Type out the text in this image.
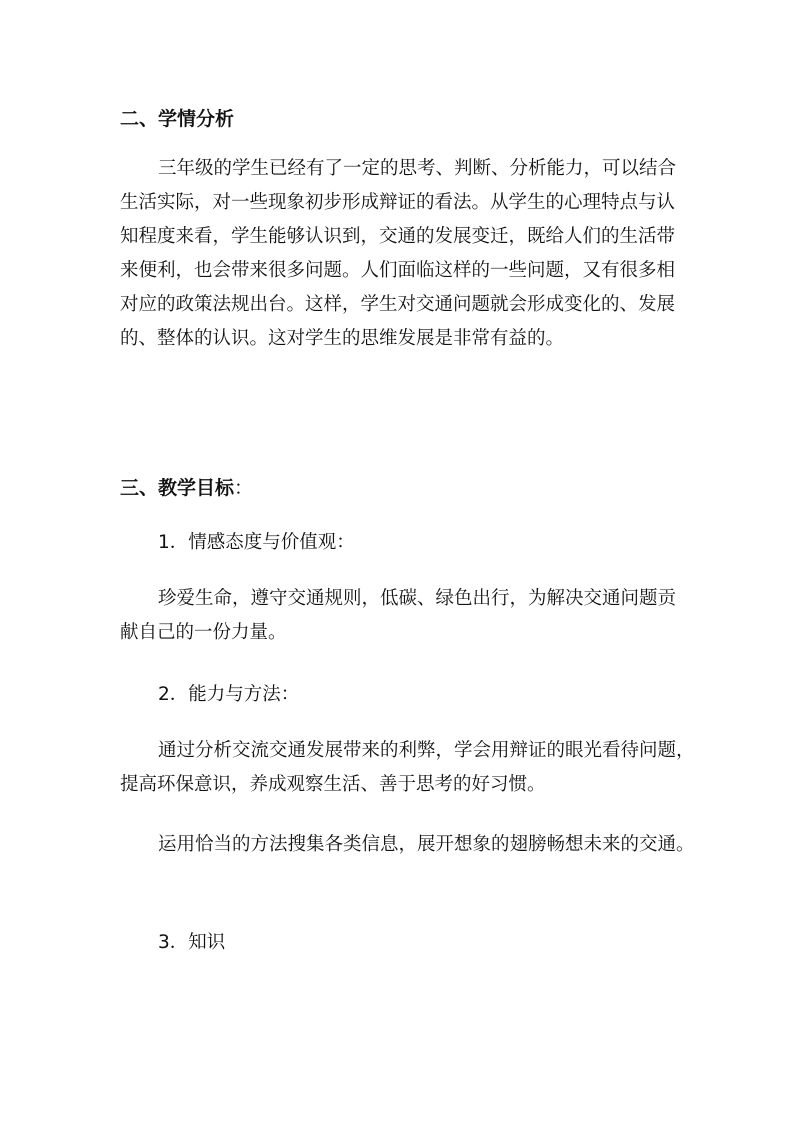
二、学情分析
三年级的学生已经有了一定的思考、判断、分析能力，可以结合
生活实际，对一些现象初步形成辩证的看法。从学生的心理特点与认
知程度来看，学生能够认识到，交通的发展变迁，既给人们的生活带
来便利，也会带来很多问题。人们面临这样的一些问题，又有很多相
对应的政策法规出台。这样，学生对交通问题就会形成变化的、发展
的、整体的认识。这对学生的思维发展是非常有益的。
三、教学目标：
1．情感态度与价值观：
珍爱生命，遵守交通规则，低碳、绿色出行，为解决交通问题贡
献自己的一份力量。
2．能力与方法：
通过分析交流交通发展带来的利弊，学会用辩证的眼光看待问题，
提高环保意识，养成观察生活、善于思考的好习惯。
运用恰当的方法搜集各类信息，展开想象的翅膀畅想未来的交通。
3．知识
